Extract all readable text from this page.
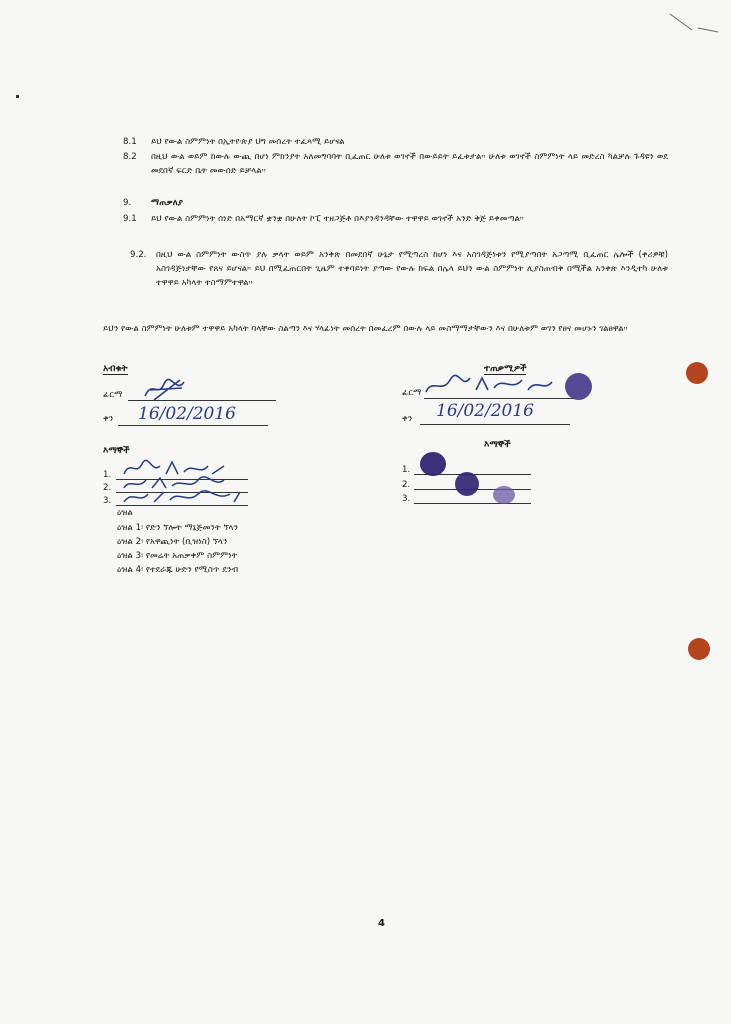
8.1	ይህ የውል ስምምነት በኢትዮጵያ ህግ መሰረት ተፈጻሚ ይሆናል
8.2	በዚህ ውል ወይም ከውሉ ውጪ በሆነ ምክንያት አለመግባባት ቢፈጠር ሁለቱ ወገኖች በውይይት ይፈቱታል። ሁለቱ ወገኖች ስምምነት ላይ መድረስ ካልቻሉ ጉዳዩን ወደ መደበኛ ፍርድ ቤት መውሰድ ይቻላል።
9.	ማጠቃለያ
9.1	ይህ የውል ስምምነት ሰነድ በአማርኛ ቋንቋ በሁለት ኮፒ ተዘጋጅቶ በእያንዳንዳቸው ተዋዋይ ወገኖች አንድ ቅጅ ይቀመጣል።
9.2.	በዚህ ውል ስምምነት ውስጥ ያሉ ቃላት ወይም አንቀጽ በመደበኛ ሁኔታ የሚጣረስ ከሆነ እና አስገዳጅነቱን የሚያጣበት አጋጣሚ ቢፈጠር ሌሎች (ቀሪዎቹ) አስገዳጅነታቸው የጸና ይሆናል። ይህ በሚፈጠርበት ጊዜም ተቀባይነት ያጣው የውሉ ክፍል በሌላ ይህን ውል ስምምነት ሊያስጠብቅ በሚችል አንቀጽ እንዲተካ ሁለቱ ተዋዋይ አካላት ተስማምተዋል።
ይህን የውል ስምምነት ሁለቱም ተዋዋይ አካላት ባላቸው ስልጣን እና ሃላፊነት መሰረት በመፈረም በውሉ ላይ መስማማታቸውን እና በሁለቱም ወገን የፀና መሆኑን ገልፀዋል።
አብቁት
ፊርማ
ቀን 16/02/2016
እማኞች
1.
2.
3.
ዕዝል
ዕዝል 1፡ የድን ኘሎት ማኔጅመንት ኘላን
ዕዝል 2፡ የአዋጪነት (ቢዝነስ) ኘላን
ዕዝል 3፡ የመሬት አጠቃቀም ስምምነት
ዕዝል 4፡ የተደራጁ ሁድን የሚስጥ ደንብ
ተጠቃሚዎች
ፊርማ
ቀን 16/02/2016
እማኞች
1.
2.
3.
4
